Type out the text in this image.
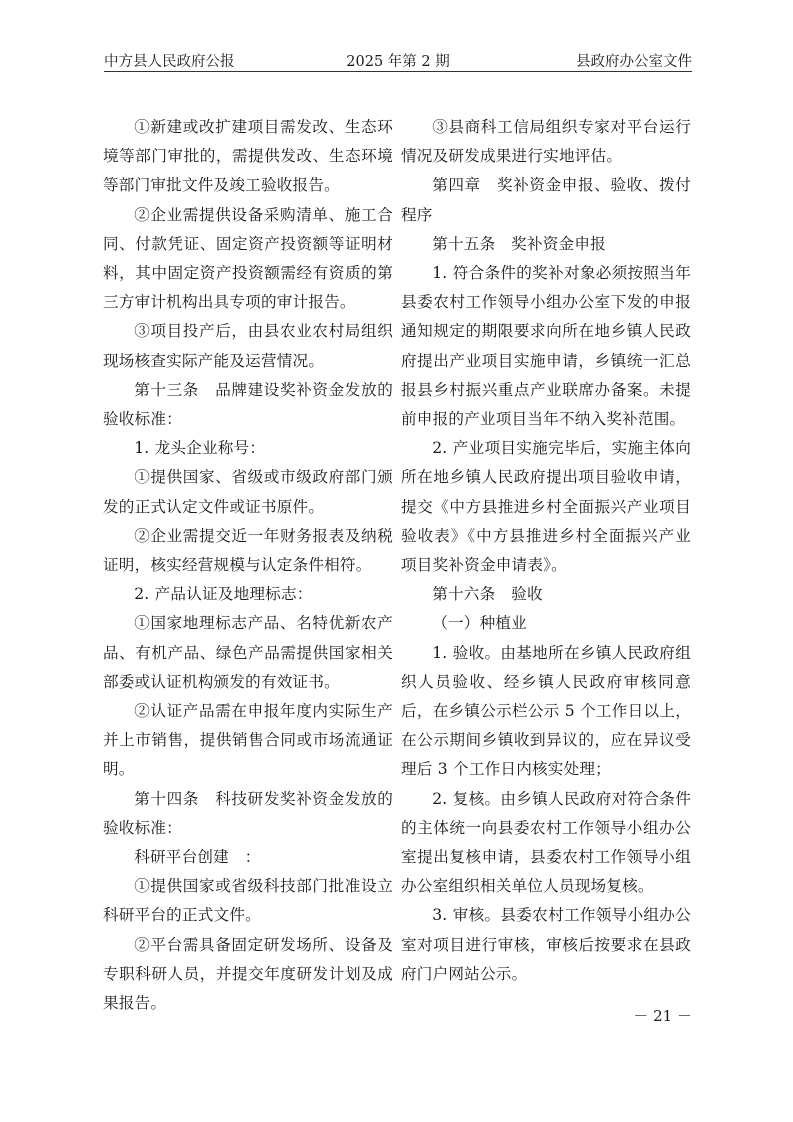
中方县人民政府公报	2025 年第 2 期	县政府办公室文件

①新建或改扩建项目需发改、生态环境等部门审批的，需提供发改、生态环境等部门审批文件及竣工验收报告。

②企业需提供设备采购清单、施工合同、付款凭证、固定资产投资额等证明材料，其中固定资产投资额需经有资质的第三方审计机构出具专项的审计报告。

③项目投产后，由县农业农村局组织现场核查实际产能及运营情况。

第十三条　品牌建设奖补资金发放的验收标准：

1. 龙头企业称号：

①提供国家、省级或市级政府部门颁发的正式认定文件或证书原件。

②企业需提交近一年财务报表及纳税证明，核实经营规模与认定条件相符。

2. 产品认证及地理标志：

①国家地理标志产品、名特优新农产品、有机产品、绿色产品需提供国家相关部委或认证机构颁发的有效证书。

②认证产品需在申报年度内实际生产并上市销售，提供销售合同或市场流通证明。

第十四条　科技研发奖补资金发放的验收标准：

科研平台创建　：

①提供国家或省级科技部门批准设立科研平台的正式文件。

②平台需具备固定研发场所、设备及专职科研人员，并提交年度研发计划及成果报告。

③县商科工信局组织专家对平台运行情况及研发成果进行实地评估。

第四章　奖补资金申报、验收、拨付程序

第十五条　奖补资金申报

1. 符合条件的奖补对象必须按照当年县委农村工作领导小组办公室下发的申报通知规定的期限要求向所在地乡镇人民政府提出产业项目实施申请，乡镇统一汇总报县乡村振兴重点产业联席办备案。未提前申报的产业项目当年不纳入奖补范围。

2. 产业项目实施完毕后，实施主体向所在地乡镇人民政府提出项目验收申请，提交《中方县推进乡村全面振兴产业项目验收表》《中方县推进乡村全面振兴产业项目奖补资金申请表》。

第十六条　验收

（一）种植业

1. 验收。由基地所在乡镇人民政府组织人员验收、经乡镇人民政府审核同意后，在乡镇公示栏公示 5 个工作日以上，在公示期间乡镇收到异议的，应在异议受理后 3 个工作日内核实处理；

2. 复核。由乡镇人民政府对符合条件的主体统一向县委农村工作领导小组办公室提出复核申请，县委农村工作领导小组办公室组织相关单位人员现场复核。

3. 审核。县委农村工作领导小组办公室对项目进行审核，审核后按要求在县政府门户网站公示。

－ 21 －
